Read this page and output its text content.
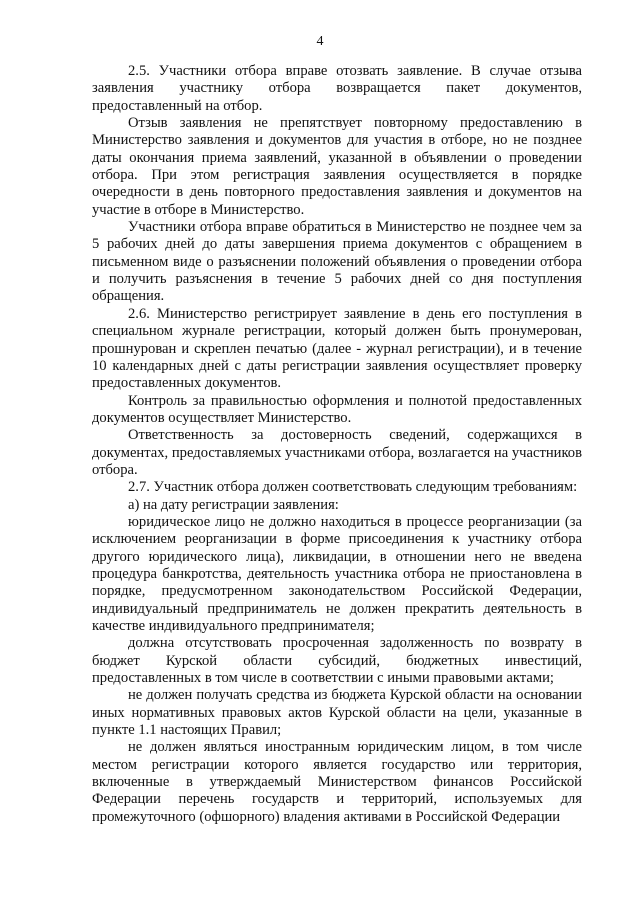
4

2.5. Участники отбора вправе отозвать заявление. В случае отзыва заявления участнику отбора возвращается пакет документов, предоставленный на отбор.

Отзыв заявления не препятствует повторному предоставлению в Министерство заявления и документов для участия в отборе, но не позднее даты окончания приема заявлений, указанной в объявлении о проведении отбора. При этом регистрация заявления осуществляется в порядке очередности в день повторного предоставления заявления и документов на участие в отборе в Министерство.

Участники отбора вправе обратиться в Министерство не позднее чем за 5 рабочих дней до даты завершения приема документов с обращением в письменном виде о разъяснении положений объявления о проведении отбора и получить разъяснения в течение 5 рабочих дней со дня поступления обращения.

2.6. Министерство регистрирует заявление в день его поступления в специальном журнале регистрации, который должен быть пронумерован, прошнурован и скреплен печатью (далее - журнал регистрации), и в течение 10 календарных дней с даты регистрации заявления осуществляет проверку предоставленных документов.

Контроль за правильностью оформления и полнотой предоставленных документов осуществляет Министерство.

Ответственность за достоверность сведений, содержащихся в документах, предоставляемых участниками отбора, возлагается на участников отбора.

2.7. Участник отбора должен соответствовать следующим требованиям:

а) на дату регистрации заявления:

юридическое лицо не должно находиться в процессе реорганизации (за исключением реорганизации в форме присоединения к участнику отбора другого юридического лица), ликвидации, в отношении него не введена процедура банкротства, деятельность участника отбора не приостановлена в порядке, предусмотренном законодательством Российской Федерации, индивидуальный предприниматель не должен прекратить деятельность в качестве индивидуального предпринимателя;

должна отсутствовать просроченная задолженность по возврату в бюджет Курской области субсидий, бюджетных инвестиций, предоставленных в том числе в соответствии с иными правовыми актами;

не должен получать средства из бюджета Курской области на основании иных нормативных правовых актов Курской области на цели, указанные в пункте 1.1 настоящих Правил;

не должен являться иностранным юридическим лицом, в том числе местом регистрации которого является государство или территория, включенные в утверждаемый Министерством финансов Российской Федерации перечень государств и территорий, используемых для промежуточного (офшорного) владения активами в Российской Федерации
